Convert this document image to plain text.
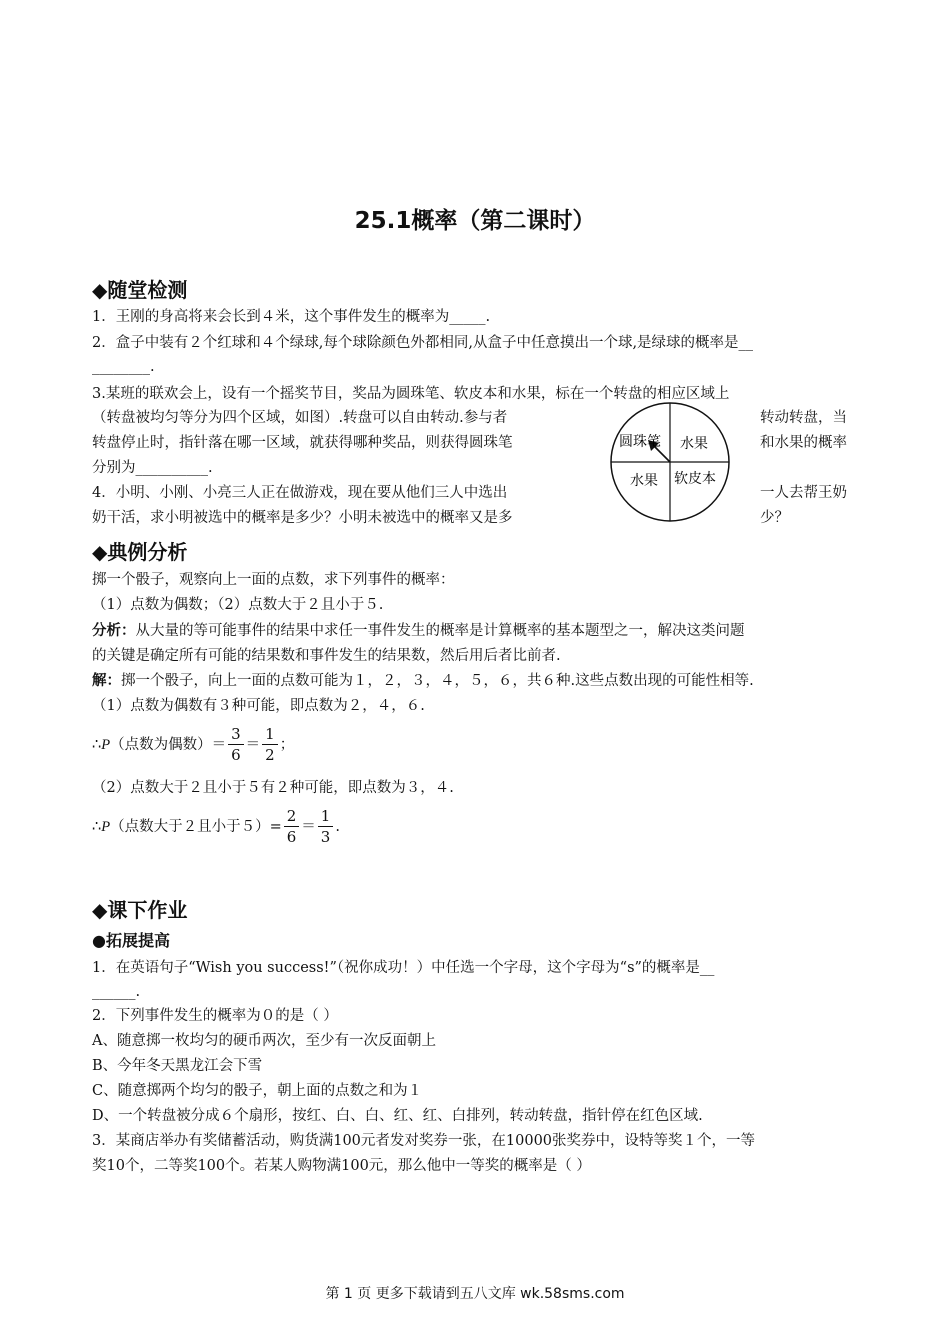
25.1概率（第二课时）
◆随堂检测
1．王刚的身高将来会长到４米，这个事件发生的概率为_____.
2．盒子中装有２个红球和４个绿球,每个球除颜色外都相同,从盒子中任意摸出一个球,是绿球的概率是__
________.
3.某班的联欢会上，设有一个摇奖节目，奖品为圆珠笔、软皮本和水果，标在一个转盘的相应区域上
（转盘被均匀等分为四个区域，如图）.转盘可以自由转动.参与者	转动转盘，当
转盘停止时，指针落在哪一区域，就获得哪种奖品，则获得圆珠笔	和水果的概率
分别为__________.
4．小明、小刚、小亮三人正在做游戏，现在要从他们三人中选出	一人去帮王奶
奶干活，求小明被选中的概率是多少？小明未被选中的概率又是多	少？
圆珠笔 水果
水果 软皮本
◆典例分析
掷一个骰子，观察向上一面的点数，求下列事件的概率：
（1）点数为偶数；（2）点数大于２且小于５.
分析：从大量的等可能事件的结果中求任一事件发生的概率是计算概率的基本题型之一，解决这类问题
的关键是确定所有可能的结果数和事件发生的结果数，然后用后者比前者.
解：掷一个骰子，向上一面的点数可能为１，２，３，４，５，６，共６种.这些点数出现的可能性相等.
（1）点数为偶数有３种可能，即点数为２，４，６.
∴ P （点数为偶数）＝ $\frac{3}{6} = \frac{1}{2}$ ；
（2）点数大于２且小于５有２种可能，即点数为３，４.
∴ P （点数大于２且小于$5)= \frac{2}{6} = \frac{1}{3}$ .
◆课下作业
●拓展提高
1．在英语句子“Wish you success!”（祝你成功！）中任选一个字母，这个字母为“s”的概率是__
______.
2．下列事件发生的概率为０的是（ ）
A、随意掷一枚均匀的硬币两次，至少有一次反面朝上
B、今年冬天黑龙江会下雪
C、随意掷两个均匀的骰子，朝上面的点数之和为１
D、一个转盘被分成６个扇形，按红、白、白、红、红、白排列，转动转盘，指针停在红色区域.
3．某商店举办有奖储蓄活动，购货满100元者发对奖券一张，在10000张奖券中，设特等奖１个，一等
奖10个，二等奖100个。若某人购物满100元，那么他中一等奖的概率是（ ）
第 1 页 更多下载请到五八文库 wk.58sms.com
